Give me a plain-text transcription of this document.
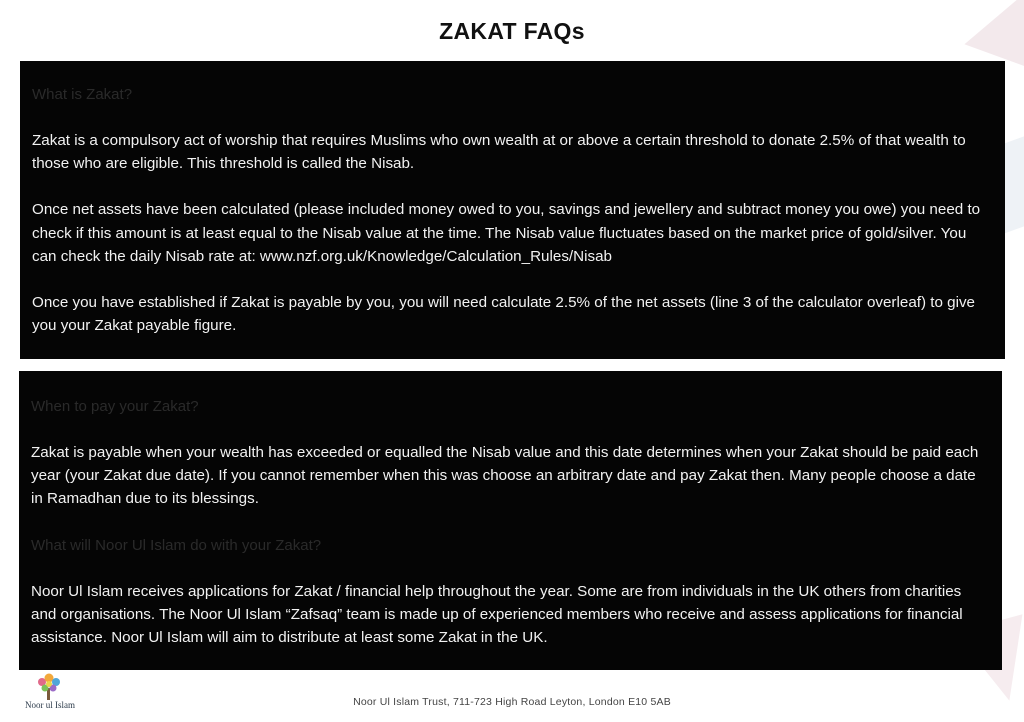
ZAKAT FAQs

What is Zakat?

Zakat is a compulsory act of worship that requires Muslims who own wealth at or above a certain threshold to donate 2.5% of that wealth to those who are eligible. This threshold is called the Nisab.

Once net assets have been calculated (please included money owed to you, savings and jewellery and subtract money you owe) you need to check if this amount is at least equal to the Nisab value at the time. The Nisab value fluctuates based on the market price of gold/silver. You can check the daily Nisab rate at: www.nzf.org.uk/Knowledge/Calculation_Rules/Nisab

Once you have established if Zakat is payable by you, you will need calculate 2.5% of the net assets (line 3 of the calculator overleaf) to give you your Zakat payable figure.

When to pay your Zakat?

Zakat is payable when your wealth has exceeded or equalled the Nisab value and this date determines when your Zakat should be paid each year (your Zakat due date). If you cannot remember when this was choose an arbitrary date and pay Zakat then. Many people choose a date in Ramadhan due to its blessings.

What will Noor Ul Islam do with your Zakat?

Noor Ul Islam receives applications for Zakat / financial help throughout the year. Some are from individuals in the UK others from charities and organisations. The Noor Ul Islam “Zafsaq” team is made up of experienced members who receive and assess applications for financial assistance. Noor Ul Islam will aim to distribute at least some Zakat in the UK.

Noor ul Islam	Noor Ul Islam Trust, 711-723 High Road Leyton, London E10 5AB
